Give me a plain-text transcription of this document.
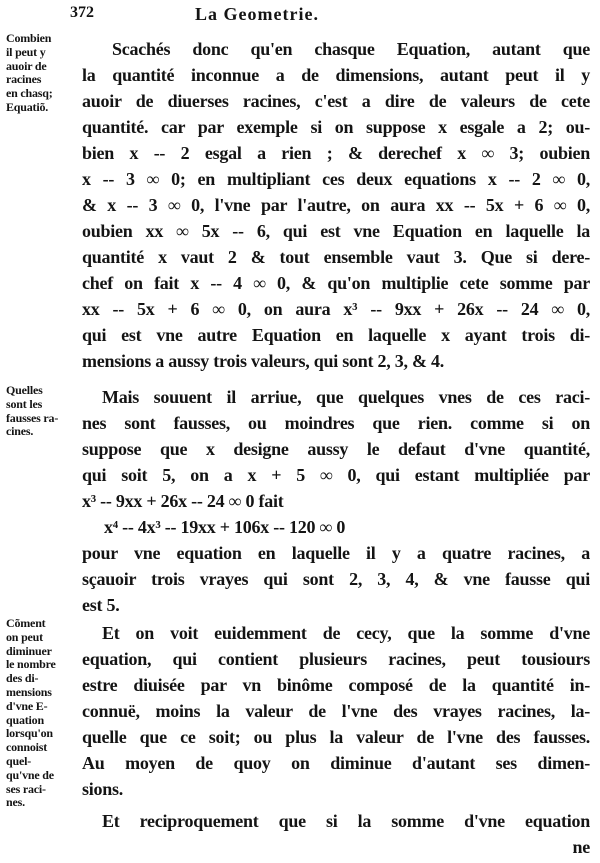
372	La Geometrie.
Combien
il peut y
auoir de
racines
en chasq;
Equatiõ.
Quelles
sont les
fausses ra-
cines.
Cõment
on peut
diminuer
le nombre
des di-
mensions
d'vne E-
quation
lorsqu'on
connoist
quel-
qu'vne de
ses raci-
nes.
Scachés donc qu'en chasque Equation, autant que
la quantité inconnue a de dimensions, autant peut il y
auoir de diuerses racines, c'est a dire de valeurs de cete
quantité. car par exemple si on suppose x esgale a 2; ou-
bien x -- 2 esgal a rien ; & derechef x ∞ 3; oubien
x -- 3 ∞ 0; en multipliant ces deux equations x -- 2 ∞ 0,
& x -- 3 ∞ 0, l'vne par l'autre, on aura xx -- 5x + 6 ∞ 0,
oubien xx ∞ 5x -- 6, qui est vne Equation en laquelle la
quantité x vaut 2 & tout ensemble vaut 3. Que si dere-
chef on fait x -- 4 ∞ 0, & qu'on multiplie cete somme par
xx -- 5x + 6 ∞ 0, on aura x³ -- 9xx + 26x -- 24 ∞ 0,
qui est vne autre Equation en laquelle x ayant trois di-
mensions a aussy trois valeurs, qui sont 2, 3, & 4.
Mais souuent il arriue, que quelques vnes de ces raci-
nes sont fausses, ou moindres que rien. comme si on
suppose que x designe aussy le defaut d'vne quantité,
qui soit 5, on a x + 5 ∞ 0, qui estant multipliée par
x³ -- 9xx + 26x -- 24 ∞ 0 fait
x⁴ -- 4x³ -- 19xx + 106x -- 120 ∞ 0
pour vne equation en laquelle il y a quatre racines, a
sçauoir trois vrayes qui sont 2, 3, 4, & vne fausse qui
est 5.
Et on voit euidemment de cecy, que la somme d'vne
equation, qui contient plusieurs racines, peut tousiours
estre diuisée par vn binôme composé de la quantité in-
connuë, moins la valeur de l'vne des vrayes racines, la-
quelle que ce soit; ou plus la valeur de l'vne des fausses.
Au moyen de quoy on diminue d'autant ses dimen-
sions.
Et reciproquement que si la somme d'vne equation
ne
